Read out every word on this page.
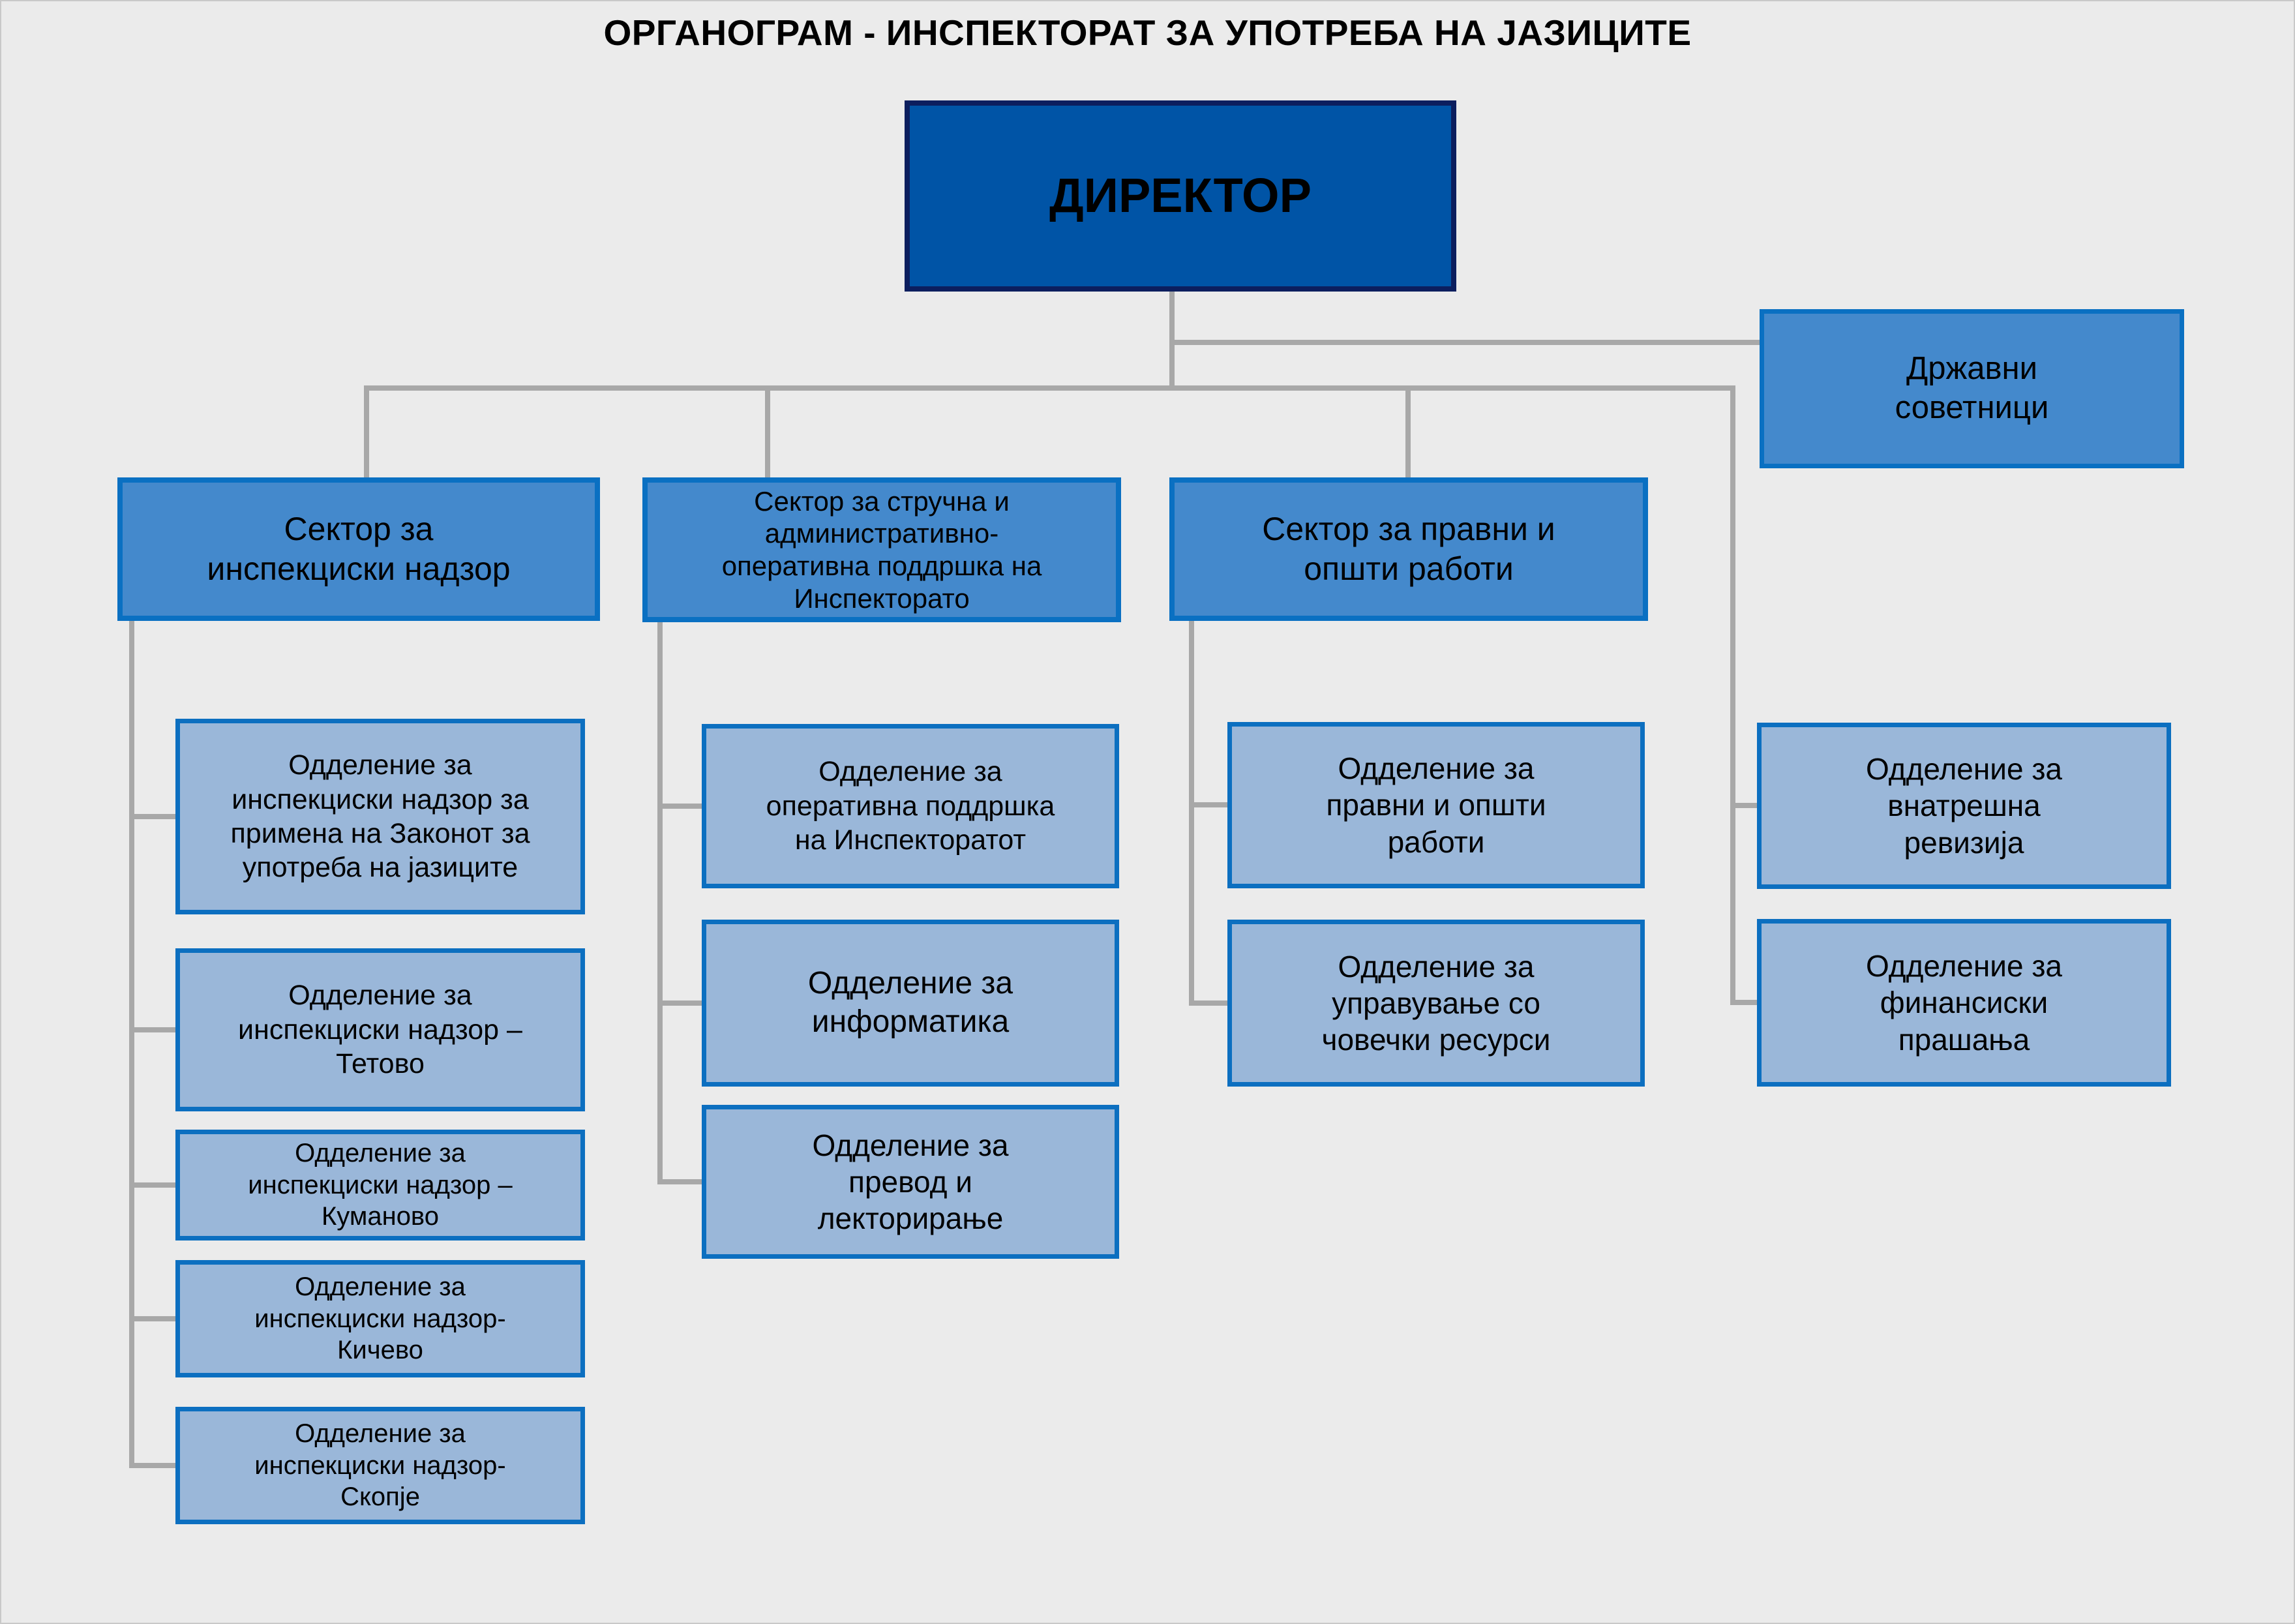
ОРГАНОГРАМ - ИНСПЕКТОРАТ ЗА УПОТРЕБА НА ЈАЗИЦИТЕ
ДИРЕКТОР
Државни советници
Сектор за инспекциски надзор
Сектор за стручна и административно-оперативна поддршка на Инспекторато
Сектор за правни и општи работи
Одделение за инспекциски надзор за примена на Законот за употреба на јазиците
Одделение за инспекциски надзор – Тетово
Одделение за инспекциски надзор – Куманово
Одделение за инспекциски надзор- Кичево
Одделение за инспекциски надзор- Скопје
Одделение за оперативна поддршка на Инспекторатот
Одделение за информатика
Одделение за превод и лекторирање
Одделение за правни и општи работи
Одделение за управување со човечки ресурси
Одделение за внатрешна ревизија
Одделение за финансиски прашања
